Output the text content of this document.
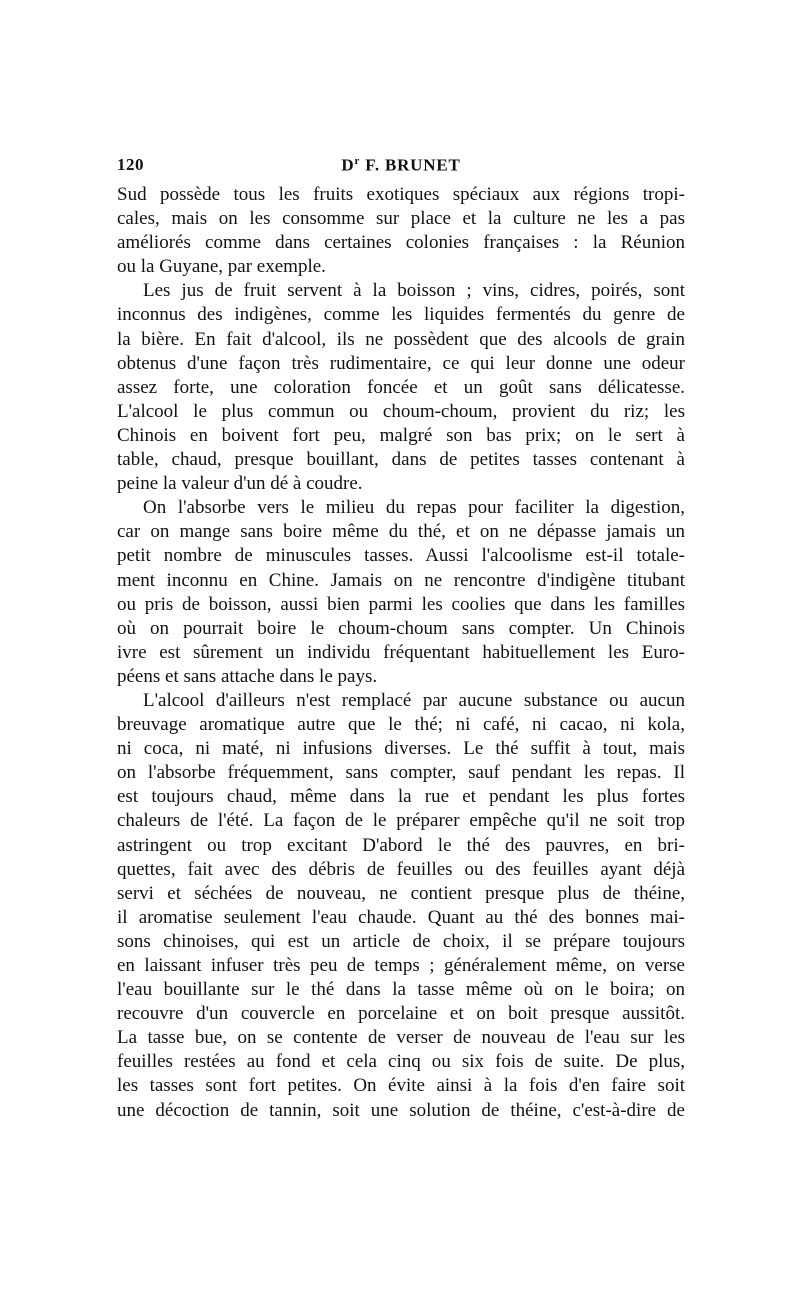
120	$D^r$ F. BRUNET
Sud possède tous les fruits exotiques spéciaux aux régions tropi-
cales, mais on les consomme sur place et la culture ne les a pas
améliorés comme dans certaines colonies françaises : la Réunion
ou la Guyane, par exemple.
Les jus de fruit servent à la boisson ; vins, cidres, poirés, sont
inconnus des indigènes, comme les liquides fermentés du genre de
la bière. En fait d'alcool, ils ne possèdent que des alcools de grain
obtenus d'une façon très rudimentaire, ce qui leur donne une odeur
assez forte, une coloration foncée et un goût sans délicatesse.
L'alcool le plus commun ou choum-choum, provient du riz; les
Chinois en boivent fort peu, malgré son bas prix; on le sert à
table, chaud, presque bouillant, dans de petites tasses contenant à
peine la valeur d'un dé à coudre.
On l'absorbe vers le milieu du repas pour faciliter la digestion,
car on mange sans boire même du thé, et on ne dépasse jamais un
petit nombre de minuscules tasses. Aussi l'alcoolisme est-il totale-
ment inconnu en Chine. Jamais on ne rencontre d'indigène titubant
ou pris de boisson, aussi bien parmi les coolies que dans les familles
où on pourrait boire le choum-choum sans compter. Un Chinois
ivre est sûrement un individu fréquentant habituellement les Euro-
péens et sans attache dans le pays.
L'alcool d'ailleurs n'est remplacé par aucune substance ou aucun
breuvage aromatique autre que le thé; ni café, ni cacao, ni kola,
ni coca, ni maté, ni infusions diverses. Le thé suffit à tout, mais
on l'absorbe fréquemment, sans compter, sauf pendant les repas. Il
est toujours chaud, même dans la rue et pendant les plus fortes
chaleurs de l'été. La façon de le préparer empêche qu'il ne soit trop
astringent ou trop excitant D'abord le thé des pauvres, en bri-
quettes, fait avec des débris de feuilles ou des feuilles ayant déjà
servi et séchées de nouveau, ne contient presque plus de théine,
il aromatise seulement l'eau chaude. Quant au thé des bonnes mai-
sons chinoises, qui est un article de choix, il se prépare toujours
en laissant infuser très peu de temps ; généralement même, on verse
l'eau bouillante sur le thé dans la tasse même où on le boira; on
recouvre d'un couvercle en porcelaine et on boit presque aussitôt.
La tasse bue, on se contente de verser de nouveau de l'eau sur les
feuilles restées au fond et cela cinq ou six fois de suite. De plus,
les tasses sont fort petites. On évite ainsi à la fois d'en faire soit
une décoction de tannin, soit une solution de théine, c'est-à-dire de
